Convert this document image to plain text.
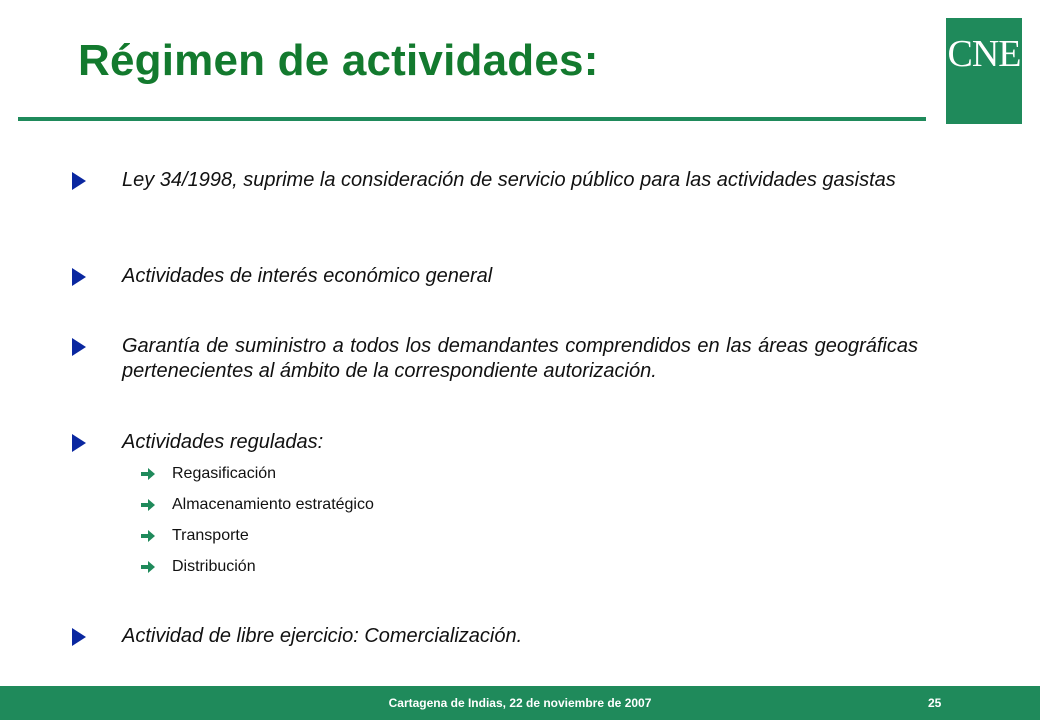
Régimen de actividades:	CNE
Ley 34/1998, suprime la consideración de servicio público para las actividades gasistas
Actividades de interés económico general
Garantía de suministro a todos los demandantes comprendidos en las áreas geográficas pertenecientes al ámbito de la correspondiente autorización.
Actividades reguladas:
Regasificación
Almacenamiento estratégico
Transporte
Distribución
Actividad de libre ejercicio: Comercialización.
Cartagena de Indias, 22 de noviembre de 2007	25
